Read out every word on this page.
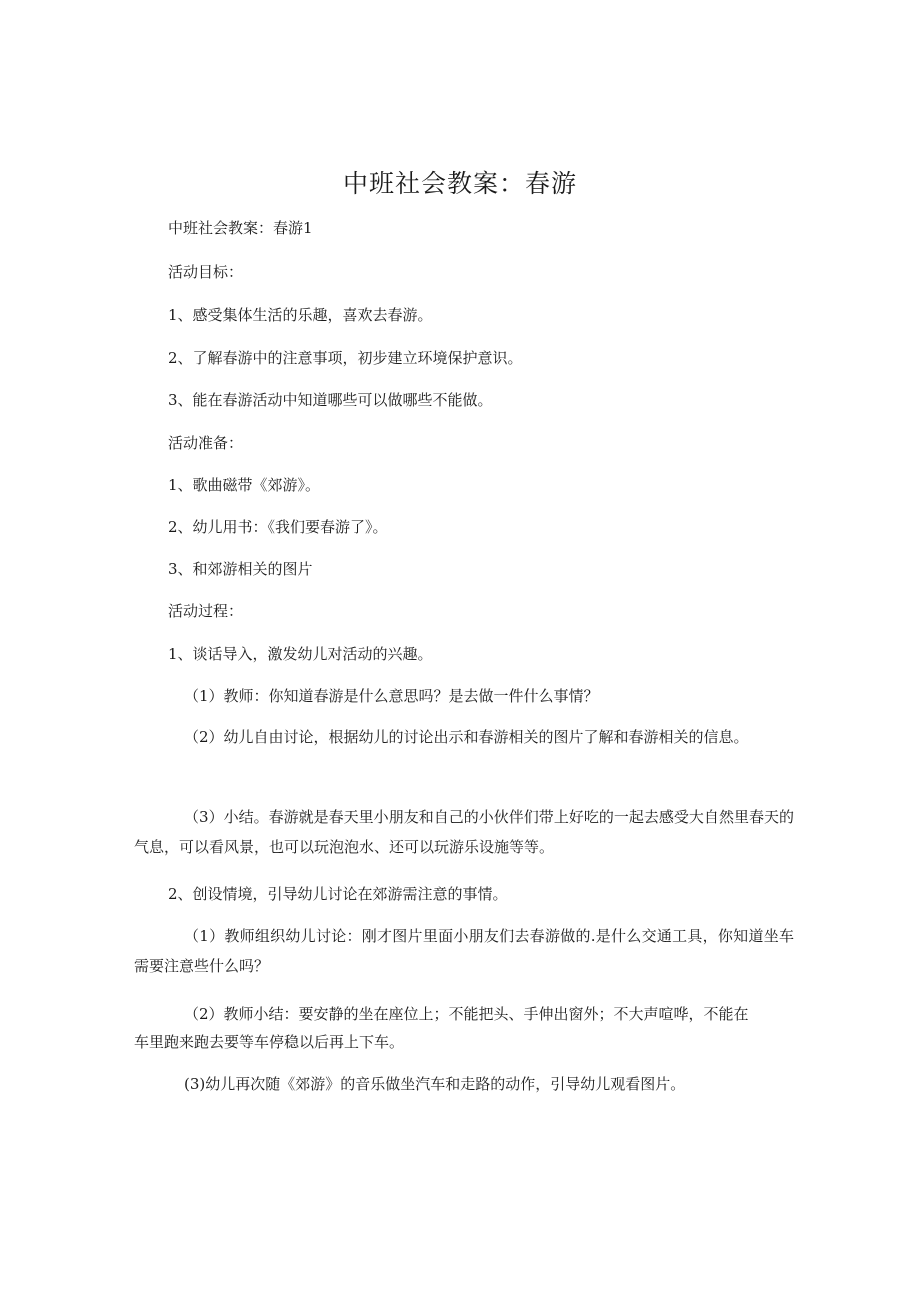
中班社会教案：春游

中班社会教案：春游1

活动目标：

1、感受集体生活的乐趣，喜欢去春游。

2、了解春游中的注意事项，初步建立环境保护意识。

3、能在春游活动中知道哪些可以做哪些不能做。

活动准备：

1、歌曲磁带《郊游》。

2、幼儿用书：《我们要春游了》。

3、和郊游相关的图片

活动过程：

1、谈话导入，激发幼儿对活动的兴趣。

（1）教师：你知道春游是什么意思吗？是去做一件什么事情？

（2）幼儿自由讨论，根据幼儿的讨论出示和春游相关的图片了解和春游相关的信息。

（3）小结。春游就是春天里小朋友和自己的小伙伴们带上好吃的一起去感受大自然里春天的气息，可以看风景，也可以玩泡泡水、还可以玩游乐设施等等。

2、创设情境，引导幼儿讨论在郊游需注意的事情。

（1）教师组织幼儿讨论：刚才图片里面小朋友们去春游做的.是什么交通工具，你知道坐车需要注意些什么吗？

（2）教师小结：要安静的坐在座位上；不能把头、手伸出窗外；不大声喧哗，不能在车里跑来跑去要等车停稳以后再上下车。

(3)幼儿再次随《郊游》的音乐做坐汽车和走路的动作，引导幼儿观看图片。
